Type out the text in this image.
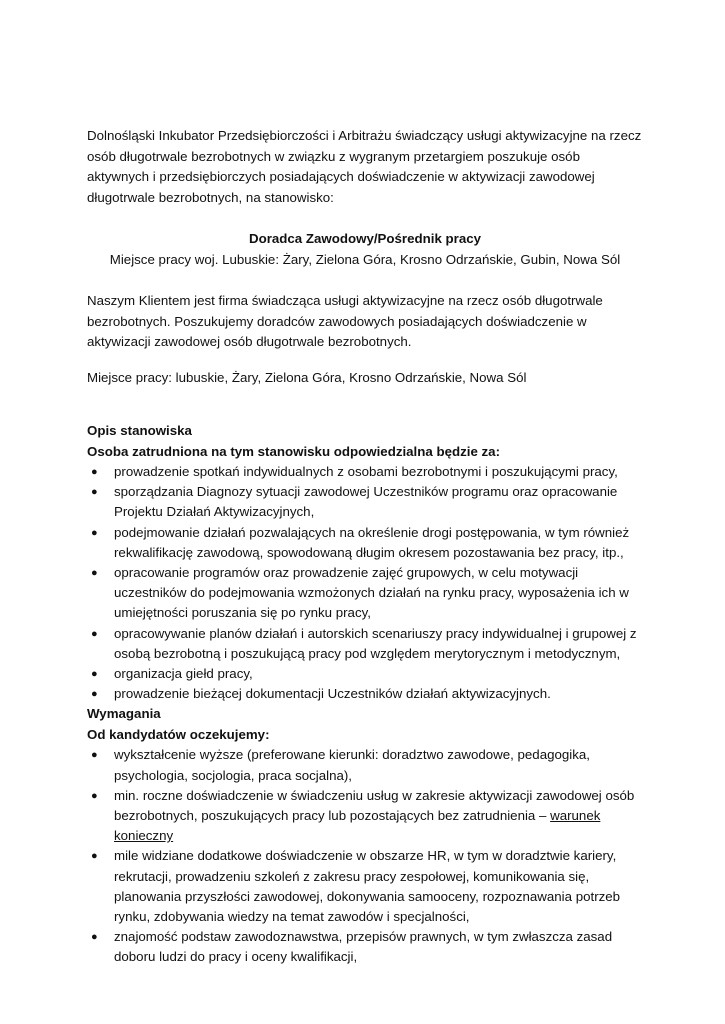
Dolnośląski Inkubator Przedsiębiorczości i Arbitrażu świadczący usługi aktywizacyjne na rzecz osób długotrwale bezrobotnych w związku z wygranym przetargiem poszukuje osób aktywnych i przedsiębiorczych posiadających doświadczenie w aktywizacji zawodowej długotrwale bezrobotnych, na stanowisko:

Doradca Zawodowy/Pośrednik pracy

Miejsce pracy woj. Lubuskie: Żary, Zielona Góra, Krosno Odrzańskie, Gubin, Nowa Sól

Naszym Klientem jest firma świadcząca usługi aktywizacyjne na rzecz osób długotrwale bezrobotnych. Poszukujemy doradców zawodowych posiadających doświadczenie w aktywizacji zawodowej osób długotrwale bezrobotnych.

Miejsce pracy: lubuskie, Żary, Zielona Góra, Krosno Odrzańskie, Nowa Sól

Opis stanowiska

Osoba zatrudniona na tym stanowisku odpowiedzialna będzie za:

● prowadzenie spotkań indywidualnych z osobami bezrobotnymi i poszukującymi pracy,
● sporządzania Diagnozy sytuacji zawodowej Uczestników programu oraz opracowanie Projektu Działań Aktywizacyjnych,
● podejmowanie działań pozwalających na określenie drogi postępowania, w tym również rekwalifikację zawodową, spowodowaną długim okresem pozostawania bez pracy, itp.,
● opracowanie programów oraz prowadzenie zajęć grupowych, w celu motywacji uczestników do podejmowania wzmożonych działań na rynku pracy, wyposażenia ich w umiejętności poruszania się po rynku pracy,
● opracowywanie planów działań i autorskich scenariuszy pracy indywidualnej i grupowej z osobą bezrobotną i poszukującą pracy pod względem merytorycznym i metodycznym,
● organizacja giełd pracy,
● prowadzenie bieżącej dokumentacji Uczestników działań aktywizacyjnych.

Wymagania

Od kandydatów oczekujemy:

● wykształcenie wyższe (preferowane kierunki: doradztwo zawodowe, pedagogika, psychologia, socjologia, praca socjalna),
● min. roczne doświadczenie w świadczeniu usług w zakresie aktywizacji zawodowej osób bezrobotnych, poszukujących pracy lub pozostających bez zatrudnienia – warunek konieczny
● mile widziane dodatkowe doświadczenie w obszarze HR, w tym w doradztwie kariery, rekrutacji, prowadzeniu szkoleń z zakresu pracy zespołowej, komunikowania się, planowania przyszłości zawodowej, dokonywania samooceny, rozpoznawania potrzeb rynku, zdobywania wiedzy na temat zawodów i specjalności,
● znajomość podstaw zawodoznawstwa, przepisów prawnych, w tym zwłaszcza zasad doboru ludzi do pracy i oceny kwalifikacji,
